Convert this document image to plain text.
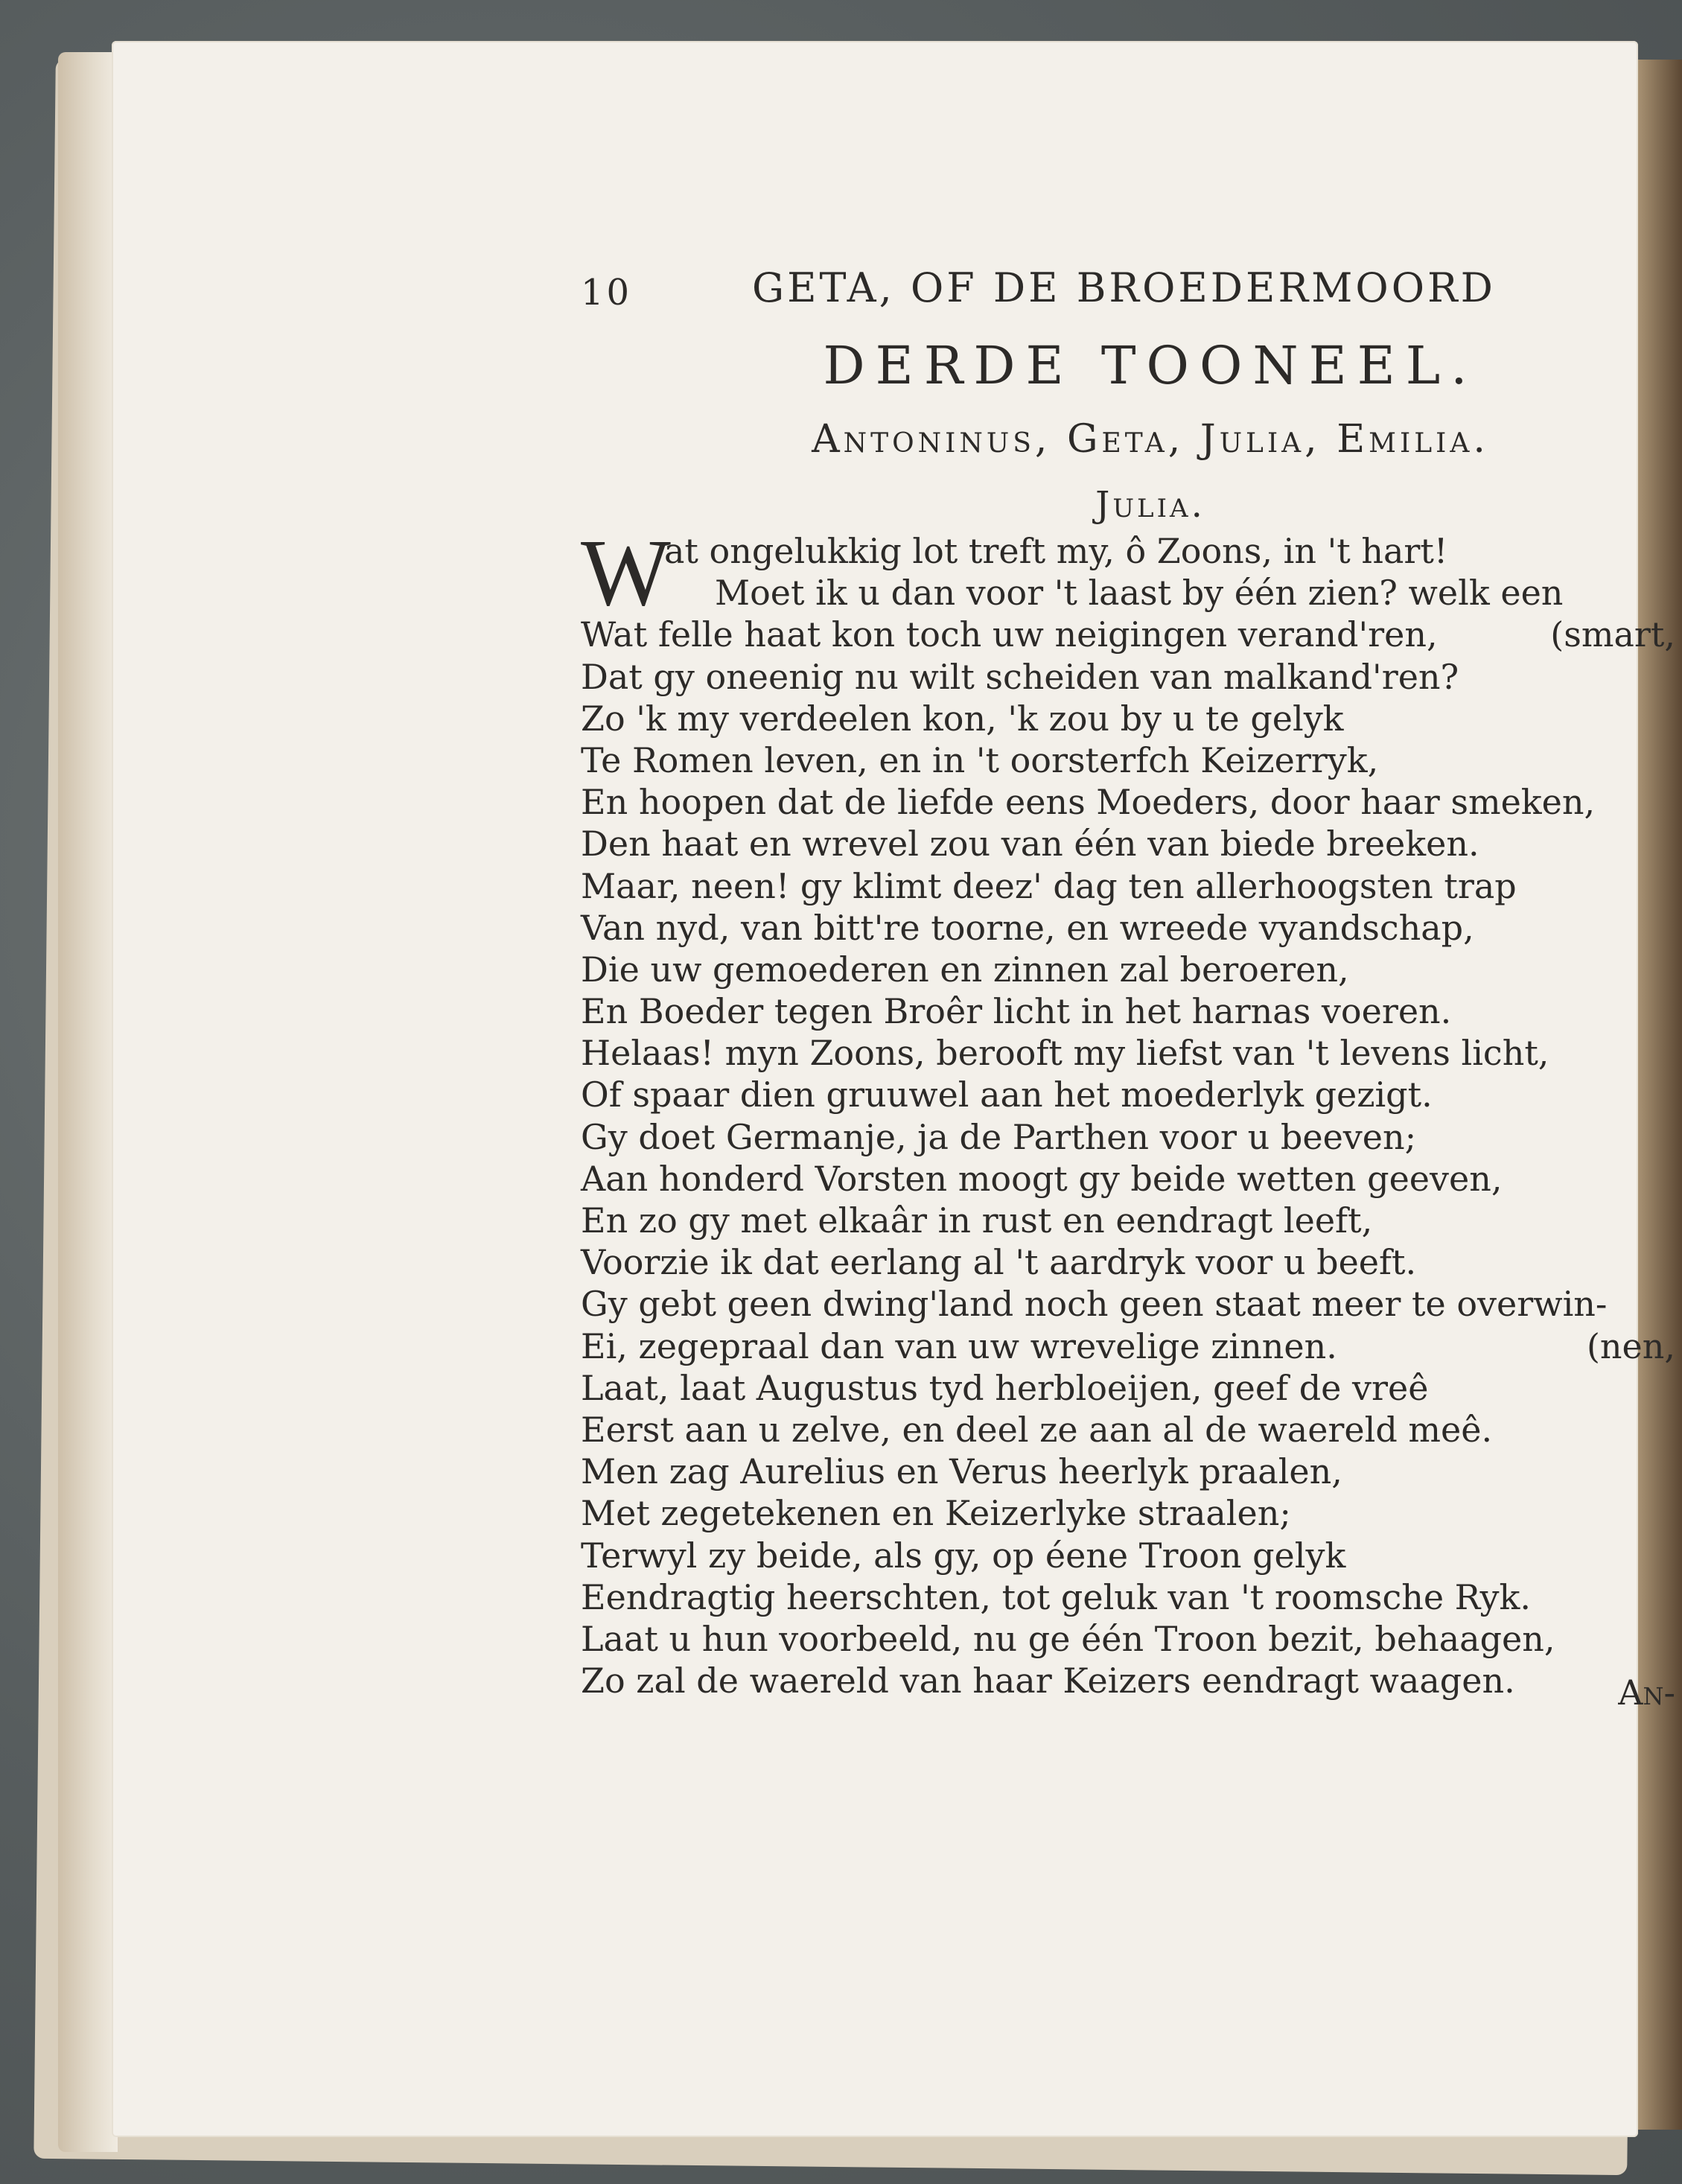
10	GETA, OF DE BROEDERMOORD
DERDE TOONEEL.
Antoninus, Geta, Julia, Emilia.
Julia.
W
at ongelukkig lot treft my, ô Zoons, in 't hart!
Moet ik u dan voor 't laast by één zien? welk een
Wat felle haat kon toch uw neigingen verand'ren,	(smart,
Dat gy oneenig nu wilt scheiden van malkand'ren?
Zo 'k my verdeelen kon, 'k zou by u te gelyk
Te Romen leven, en in 't oorsterfch Keizerryk,
En hoopen dat de liefde eens Moeders, door haar smeken,
Den haat en wrevel zou van één van biede breeken.
Maar, neen! gy klimt deez' dag ten allerhoogsten trap
Van nyd, van bitt're toorne, en wreede vyandschap,
Die uw gemoederen en zinnen zal beroeren,
En Boeder tegen Broêr licht in het harnas voeren.
Helaas! myn Zoons, berooft my liefst van 't levens licht,
Of spaar dien gruuwel aan het moederlyk gezigt.
Gy doet Germanje, ja de Parthen voor u beeven;
Aan honderd Vorsten moogt gy beide wetten geeven,
En zo gy met elkaâr in rust en eendragt leeft,
Voorzie ik dat eerlang al 't aardryk voor u beeft.
Gy gebt geen dwing'land noch geen staat meer te overwin-
Ei, zegepraal dan van uw wrevelige zinnen.	(nen,
Laat, laat Augustus tyd herbloeijen, geef de vreê
Eerst aan u zelve, en deel ze aan al de waereld meê.
Men zag Aurelius en Verus heerlyk praalen,
Met zegetekenen en Keizerlyke straalen;
Terwyl zy beide, als gy, op éene Troon gelyk
Eendragtig heerschten, tot geluk van 't roomsche Ryk.
Laat u hun voorbeeld, nu ge één Troon bezit, behaagen,
Zo zal de waereld van haar Keizers eendragt waagen.	An-
